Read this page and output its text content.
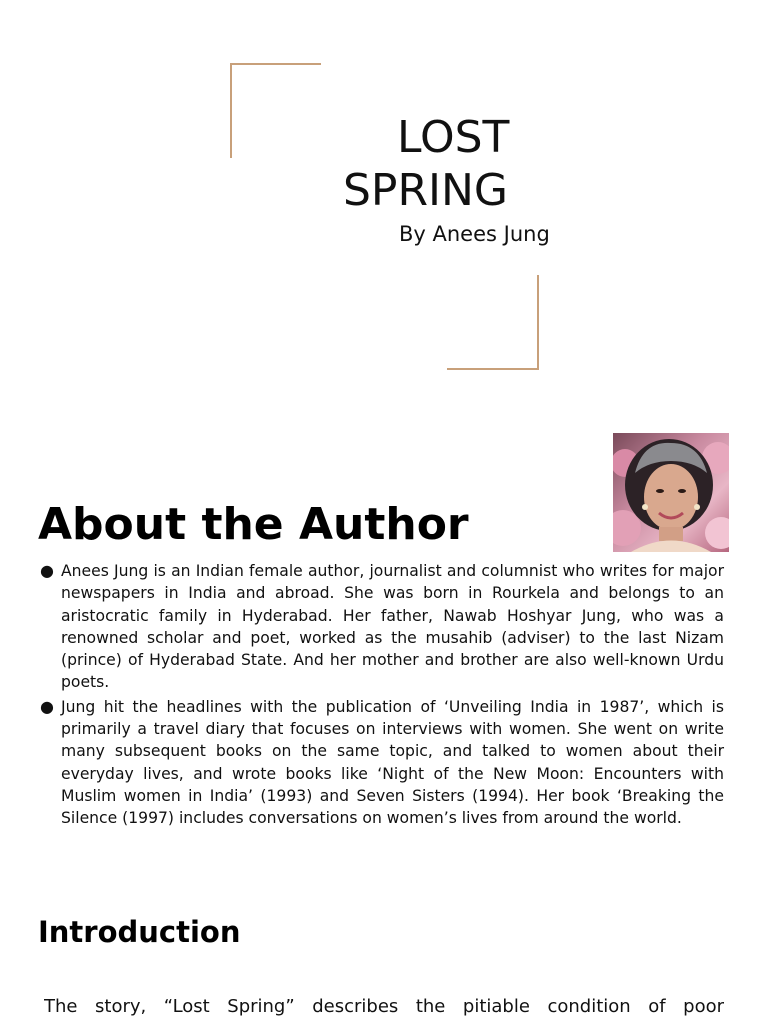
LOST
SPRING
By Anees Jung
About the Author
● Anees Jung is an Indian female author, journalist and columnist who writes for major newspapers in India and abroad. She was born in Rourkela and belongs to an aristocratic family in Hyderabad. Her father, Nawab Hoshyar Jung, who was a renowned scholar and poet, worked as the musahib (adviser) to the last Nizam (prince) of Hyderabad State. And her mother and brother are also well-known Urdu poets.
● Jung hit the headlines with the publication of ‘Unveiling India in 1987’, which is primarily a travel diary that focuses on interviews with women. She went on write many subsequent books on the same topic, and talked to women about their everyday lives, and wrote books like ‘Night of the New Moon: Encounters with Muslim women in India’ (1993) and Seven Sisters (1994). Her book ‘Breaking the Silence (1997) includes conversations on women’s lives from around the world.
Introduction
The story, “Lost Spring” describes the pitiable condition of poor
